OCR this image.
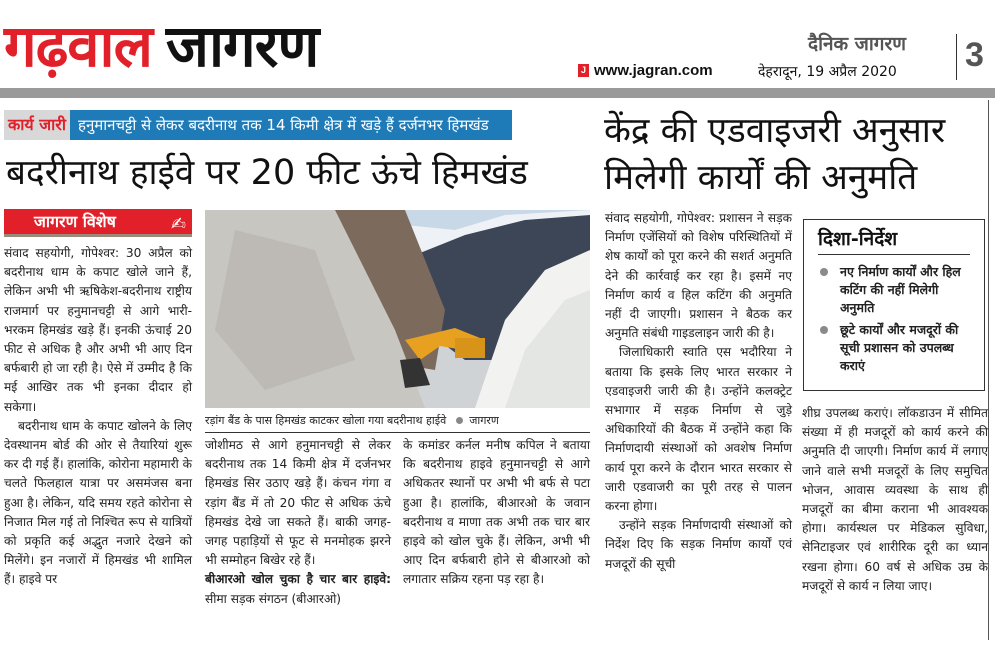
गढ़वाल जागरण	दैनिक जागरण
J www.jagran.com	देहरादून, 19 अप्रैल 2020 3
कार्य जारी हनुमानचट्टी से लेकर बदरीनाथ तक 14 किमी क्षेत्र में खड़े हैं दर्जनभर हिमखंड
बदरीनाथ हाईवे पर 20 फीट ऊंचे हिमखंड
जागरण विशेष	✍

संवाद सहयोगी, गोपेश्वर: 30 अप्रैल को बदरीनाथ धाम के कपाट खोले जाने हैं, लेकिन अभी भी ऋषिकेश-बदरीनाथ राष्ट्रीय राजमार्ग पर हनुमानचट्टी से आगे भारी-भरकम हिमखंड खड़े हैं। इनकी ऊंचाई 20 फीट से अधिक है और अभी भी आए दिन बर्फबारी हो जा रही है। ऐसे में उम्मीद है कि मई आखिर तक भी इनका दीदार हो सकेगा।

बदरीनाथ धाम के कपाट खोलने के लिए देवस्थानम बोर्ड की ओर से तैयारियां शुरू कर दी गई हैं। हालांकि, कोरोना महामारी के चलते फिलहाल यात्रा पर असमंजस बना हुआ है। लेकिन, यदि समय रहते कोरोना से निजात मिल गई तो निश्चित रूप से यात्रियों को प्रकृति कई अद्भुत नजारे देखने को मिलेंगे। इन नजारों में हिमखंड भी शामिल हैं। हाइवे पर

रड़ांग बैंड के पास हिमखंड काटकर खोला गया बदरीनाथ हाईवे जागरण

जोशीमठ से आगे हनुमानचट्टी से लेकर बदरीनाथ तक 14 किमी क्षेत्र में दर्जनभर हिमखंड सिर उठाए खड़े हैं। कंचन गंगा व रड़ांग बैंड में तो 20 फीट से अधिक ऊंचे हिमखंड देखे जा सकते हैं। बाकी जगह-जगह पहाड़ियों से फूट से मनमोहक झरने भी सम्मोहन बिखेर रहे हैं।

बीआरओ खोल चुका है चार बार हाइवे: सीमा सड़क संगठन (बीआरओ)

के कमांडर कर्नल मनीष कपिल ने बताया कि बदरीनाथ हाइवे हनुमानचट्टी से आगे अधिकतर स्थानों पर अभी भी बर्फ से पटा हुआ है। हालांकि, बीआरओ के जवान बदरीनाथ व माणा तक अभी तक चार बार हाइवे को खोल चुके हैं। लेकिन, अभी भी आए दिन बर्फबारी होने से बीआरओ को लगातार सक्रिय रहना पड़ रहा है।

केंद्र की एडवाइजरी अनुसार मिलेगी कार्यों की अनुमति

संवाद सहयोगी, गोपेश्वर: प्रशासन ने सड़क निर्माण एजेंसियों को विशेष परिस्थितियों में शेष कार्यों को पूरा करने की सशर्त अनुमति देने की कार्रवाई कर रहा है। इसमें नए निर्माण कार्य व हिल कटिंग की अनुमति नहीं दी जाएगी। प्रशासन ने बैठक कर अनुमति संबंधी गाइडलाइन जारी की है।

जिलाधिकारी स्वाति एस भदौरिया ने बताया कि इसके लिए भारत सरकार ने एडवाइजरी जारी की है। उन्होंने कलक्ट्रेट सभागार में सड़क निर्माण से जुड़े अधिकारियों की बैठक में उन्होंने कहा कि निर्माणदायी संस्थाओं को अवशेष निर्माण कार्य पूरा करने के दौरान भारत सरकार से जारी एडवाजरी का पूरी तरह से पालन करना होगा।

उन्होंने सड़क निर्माणदायी संस्थाओं को निर्देश दिए कि सड़क निर्माण कार्यों एवं मजदूरों की सूची

दिशा-निर्देश
नए निर्माण कार्यों और हिल कटिंग की नहीं मिलेगी अनुमति
छूटे कार्यों और मजदूरों की सूची प्रशासन को उपलब्ध कराएं

शीघ्र उपलब्ध कराएं। लॉकडाउन में सीमित संख्या में ही मजदूरों को कार्य करने की अनुमति दी जाएगी। निर्माण कार्य में लगाए जाने वाले सभी मजदूरों के लिए समुचित भोजन, आवास व्यवस्था के साथ ही मजदूरों का बीमा कराना भी आवश्यक होगा। कार्यस्थल पर मेडिकल सुविधा, सेनिटाइजर एवं शारीरिक दूरी का ध्यान रखना होगा। 60 वर्ष से अधिक उम्र के मजदूरों से कार्य न लिया जाए।
